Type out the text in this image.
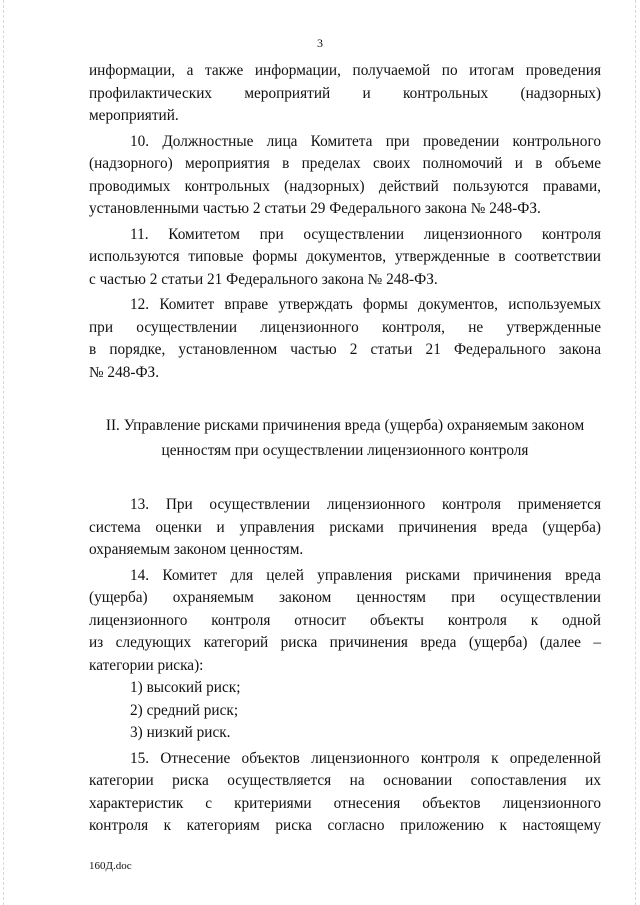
3

информации, а также информации, получаемой по итогам проведения

профилактических мероприятий и контрольных (надзорных)

мероприятий.

10. Должностные лица Комитета при проведении контрольного

(надзорного) мероприятия в пределах своих полномочий и в объеме

проводимых контрольных (надзорных) действий пользуются правами,

установленными частью 2 статьи 29 Федерального закона № 248-ФЗ.

11. Комитетом при осуществлении лицензионного контроля

используются типовые формы документов, утвержденные в соответствии

с частью 2 статьи 21 Федерального закона № 248-ФЗ.

12. Комитет вправе утверждать формы документов, используемых

при осуществлении лицензионного контроля, не утвержденные

в порядке, установленном частью 2 статьи 21 Федерального закона

№ 248-ФЗ.

II. Управление рисками причинения вреда (ущерба) охраняемым законом
ценностям при осуществлении лицензионного контроля

13. При осуществлении лицензионного контроля применяется

система оценки и управления рисками причинения вреда (ущерба)

охраняемым законом ценностям.

14. Комитет для целей управления рисками причинения вреда

(ущерба) охраняемым законом ценностям при осуществлении

лицензионного контроля относит объекты контроля к одной

из следующих категорий риска причинения вреда (ущерба) (далее –

категории риска):

1) высокий риск;

2) средний риск;

3) низкий риск.

15. Отнесение объектов лицензионного контроля к определенной

категории риска осуществляется на основании сопоставления их

характеристик с критериями отнесения объектов лицензионного

контроля к категориям риска согласно приложению к настоящему

160Д.doc
